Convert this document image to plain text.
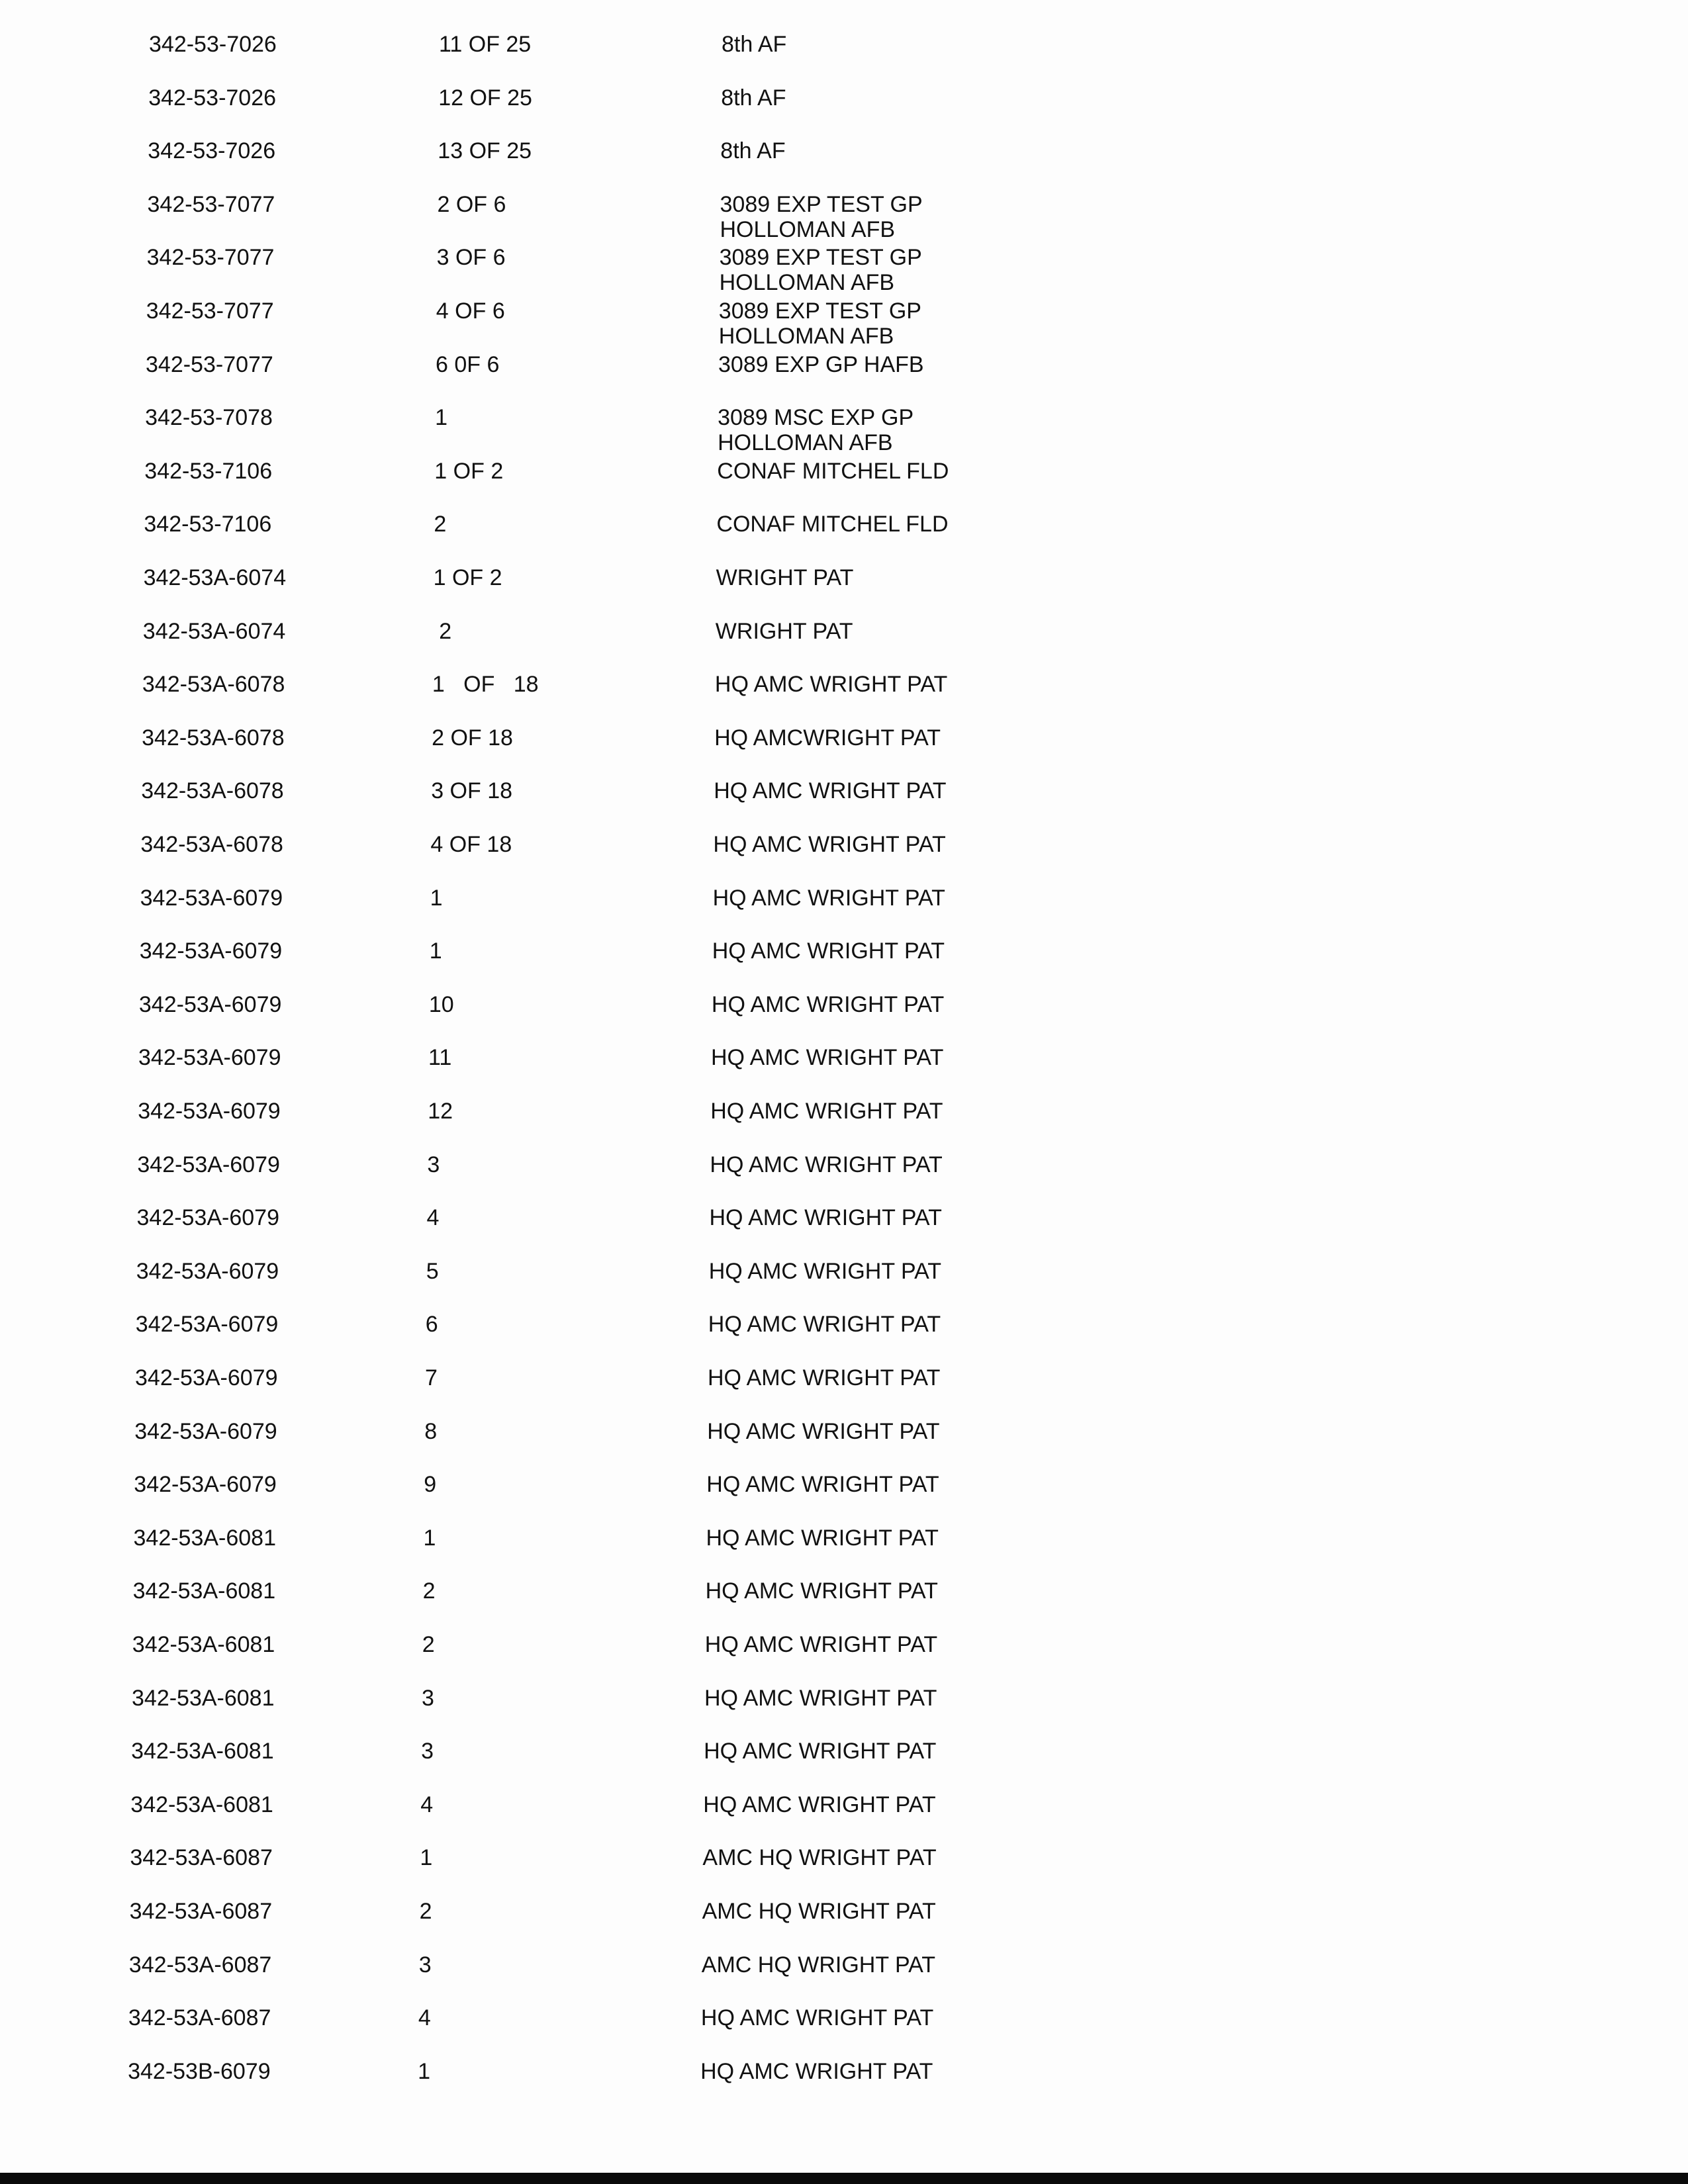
342-53-7026	11 OF 25	8th AF
342-53-7026	12 OF 25	8th AF
342-53-7026	13 OF 25	8th AF
342-53-7077	2 OF 6	3089 EXP TEST GP
HOLLOMAN AFB
342-53-7077	3 OF 6	3089 EXP TEST GP
HOLLOMAN AFB
342-53-7077	4 OF 6	3089 EXP TEST GP
HOLLOMAN AFB
342-53-7077	6 0F 6	3089 EXP GP HAFB
342-53-7078	1	3089 MSC EXP GP
HOLLOMAN AFB
342-53-7106	1 OF 2	CONAF MITCHEL FLD
342-53-7106	2	CONAF MITCHEL FLD
342-53A-6074	1 OF 2	WRIGHT PAT
342-53A-6074	2	WRIGHT PAT
342-53A-6078	1   OF   18	HQ AMC WRIGHT PAT
342-53A-6078	2 OF 18	HQ AMCWRIGHT PAT
342-53A-6078	3 OF 18	HQ AMC WRIGHT PAT
342-53A-6078	4 OF 18	HQ AMC WRIGHT PAT
342-53A-6079	1	HQ AMC WRIGHT PAT
342-53A-6079	1	HQ AMC WRIGHT PAT
342-53A-6079	10	HQ AMC WRIGHT PAT
342-53A-6079	11	HQ AMC WRIGHT PAT
342-53A-6079	12	HQ AMC WRIGHT PAT
342-53A-6079	3	HQ AMC WRIGHT PAT
342-53A-6079	4	HQ AMC WRIGHT PAT
342-53A-6079	5	HQ AMC WRIGHT PAT
342-53A-6079	6	HQ AMC WRIGHT PAT
342-53A-6079	7	HQ AMC WRIGHT PAT
342-53A-6079	8	HQ AMC WRIGHT PAT
342-53A-6079	9	HQ AMC WRIGHT PAT
342-53A-6081	1	HQ AMC WRIGHT PAT
342-53A-6081	2	HQ AMC WRIGHT PAT
342-53A-6081	2	HQ AMC WRIGHT PAT
342-53A-6081	3	HQ AMC WRIGHT PAT
342-53A-6081	3	HQ AMC WRIGHT PAT
342-53A-6081	4	HQ AMC WRIGHT PAT
342-53A-6087	1	AMC HQ WRIGHT PAT
342-53A-6087	2	AMC HQ WRIGHT PAT
342-53A-6087	3	AMC HQ WRIGHT PAT
342-53A-6087	4	HQ AMC WRIGHT PAT
342-53B-6079	1	HQ AMC WRIGHT PAT
